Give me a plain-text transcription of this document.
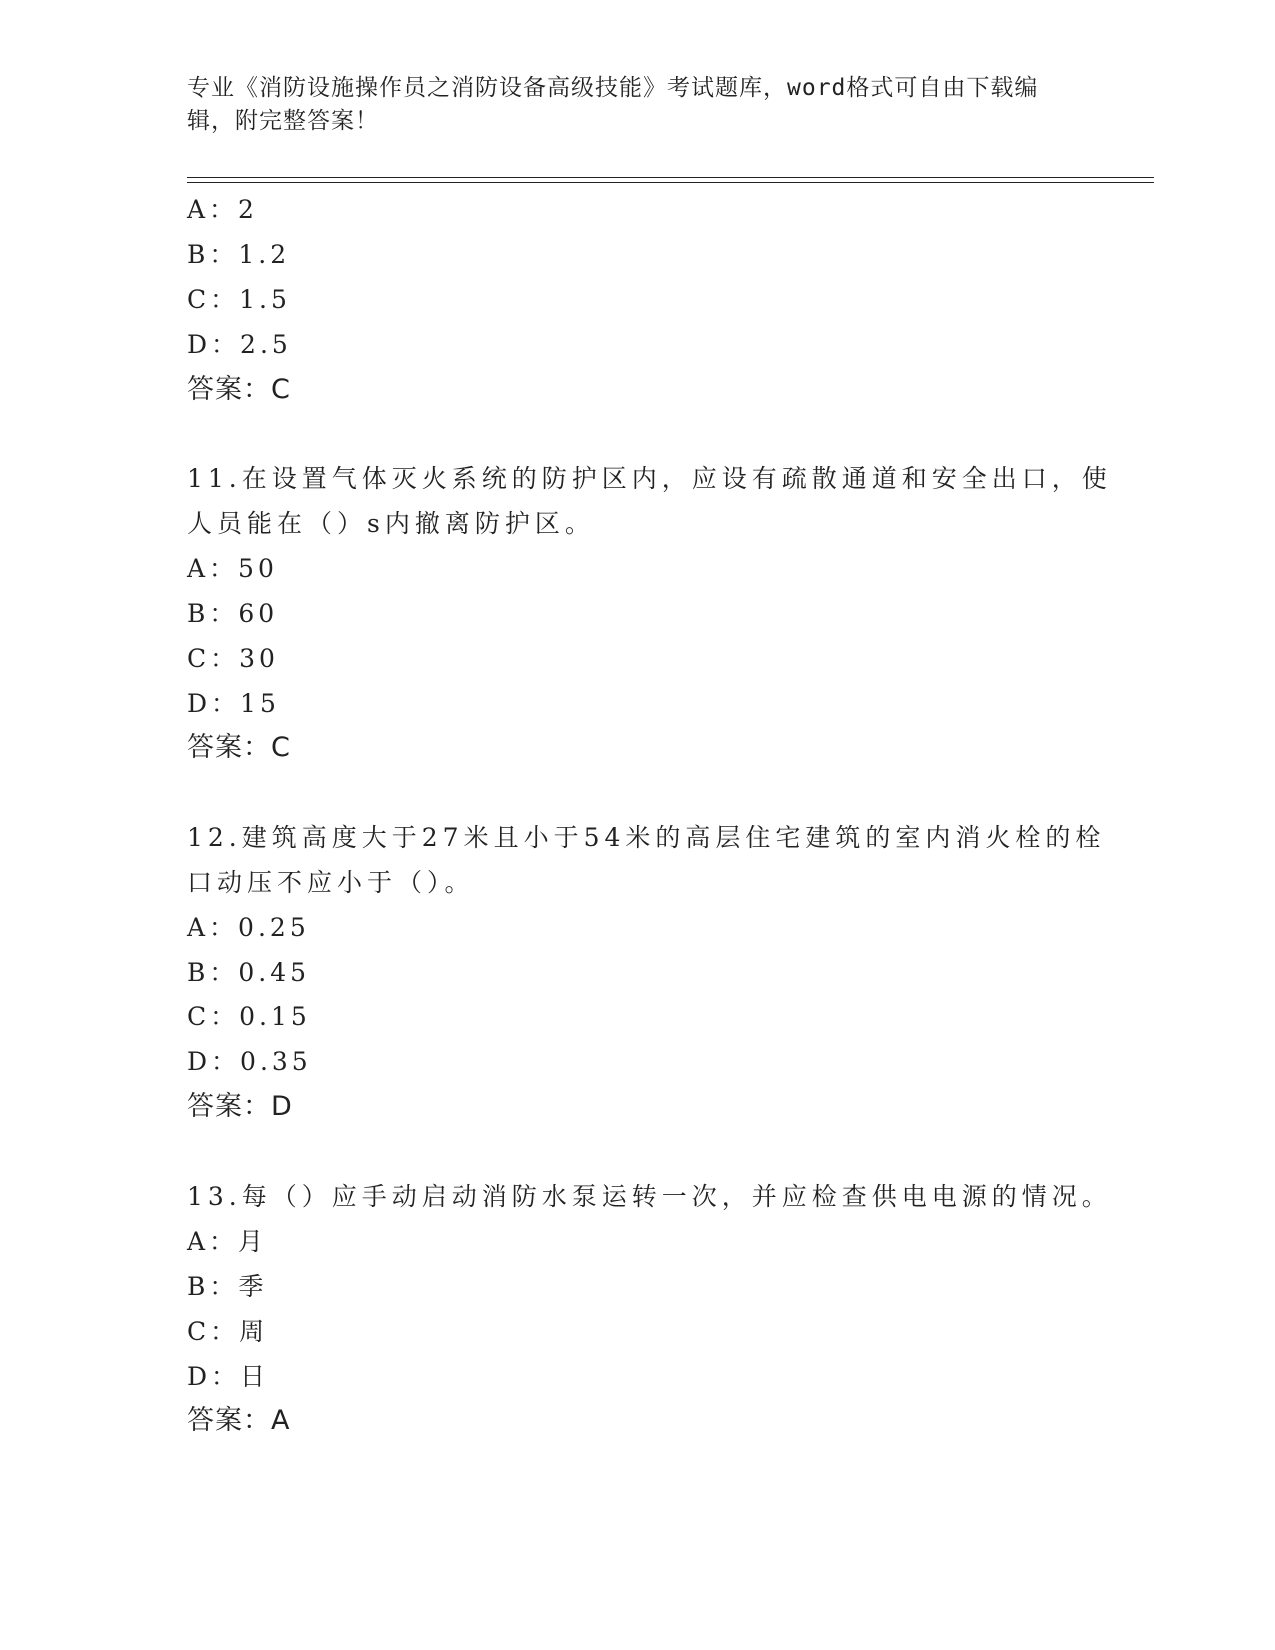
专业《消防设施操作员之消防设备高级技能》考试题库，word格式可自由下载编
辑，附完整答案！
A：2
B：1.2
C：1.5
D：2.5
答案：C
11.在设置气体灭火系统的防护区内，应设有疏散通道和安全出口，使
人员能在（）s内撤离防护区。
A：50
B：60
C：30
D：15
答案：C
12.建筑高度大于27米且小于54米的高层住宅建筑的室内消火栓的栓
口动压不应小于（）。
A：0.25
B：0.45
C：0.15
D：0.35
答案：D
13.每（）应手动启动消防水泵运转一次，并应检查供电电源的情况。
A：月
B：季
C：周
D：日
答案：A
